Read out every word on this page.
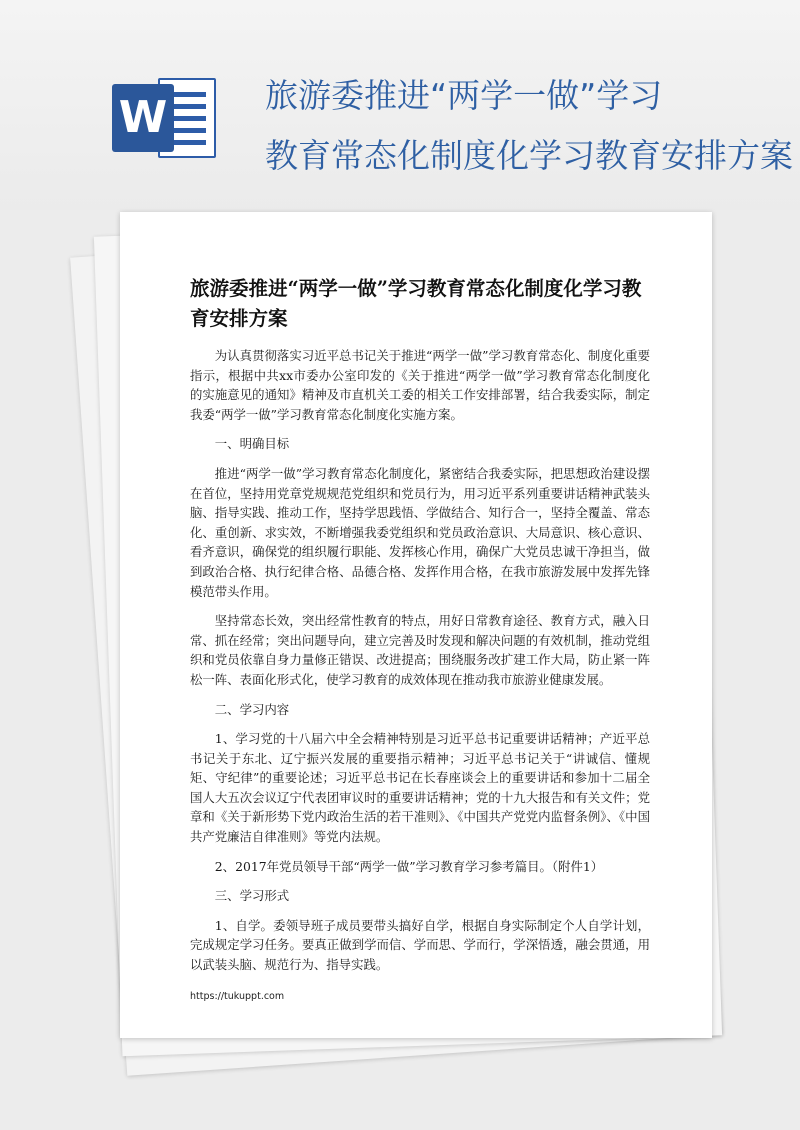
W	旅游委推进“两学一做”学习
教育常态化制度化学习教育安排方案
旅游委推进“两学一做”学习教育常态化制度化学习教育安排方案

为认真贯彻落实习近平总书记关于推进“两学一做”学习教育常态化、制度化重要指示，根据中共xx市委办公室印发的《关于推进“两学一做”学习教育常态化制度化的实施意见的通知》精神及市直机关工委的相关工作安排部署，结合我委实际，制定我委“两学一做”学习教育常态化制度化实施方案。

一、明确目标

推进“两学一做”学习教育常态化制度化，紧密结合我委实际，把思想政治建设摆在首位，坚持用党章党规规范党组织和党员行为，用习近平系列重要讲话精神武装头脑、指导实践、推动工作，坚持学思践悟、学做结合、知行合一，坚持全覆盖、常态化、重创新、求实效，不断增强我委党组织和党员政治意识、大局意识、核心意识、看齐意识，确保党的组织履行职能、发挥核心作用，确保广大党员忠诚干净担当，做到政治合格、执行纪律合格、品德合格、发挥作用合格，在我市旅游发展中发挥先锋模范带头作用。

坚持常态长效，突出经常性教育的特点，用好日常教育途径、教育方式，融入日常、抓在经常；突出问题导向，建立完善及时发现和解决问题的有效机制，推动党组织和党员依靠自身力量修正错误、改进提高；围绕服务改扩建工作大局，防止紧一阵松一阵、表面化形式化，使学习教育的成效体现在推动我市旅游业健康发展。

二、学习内容

1、学习党的十八届六中全会精神特别是习近平总书记重要讲话精神；产近平总书记关于东北、辽宁振兴发展的重要指示精神；习近平总书记关于“讲诚信、懂规矩、守纪律”的重要论述；习近平总书记在长春座谈会上的重要讲话和参加十二届全国人大五次会议辽宁代表团审议时的重要讲话精神；党的十九大报告和有关文件；党章和《关于新形势下党内政治生活的若干准则》、《中国共产党党内监督条例》、《中国共产党廉洁自律准则》等党内法规。

2、2017年党员领导干部“两学一做”学习教育学习参考篇目。（附件1）

三、学习形式

1、自学。委领导班子成员要带头搞好自学，根据自身实际制定个人自学计划，完成规定学习任务。要真正做到学而信、学而思、学而行，学深悟透，融会贯通，用以武装头脑、规范行为、指导实践。

https://tukuppt.com
